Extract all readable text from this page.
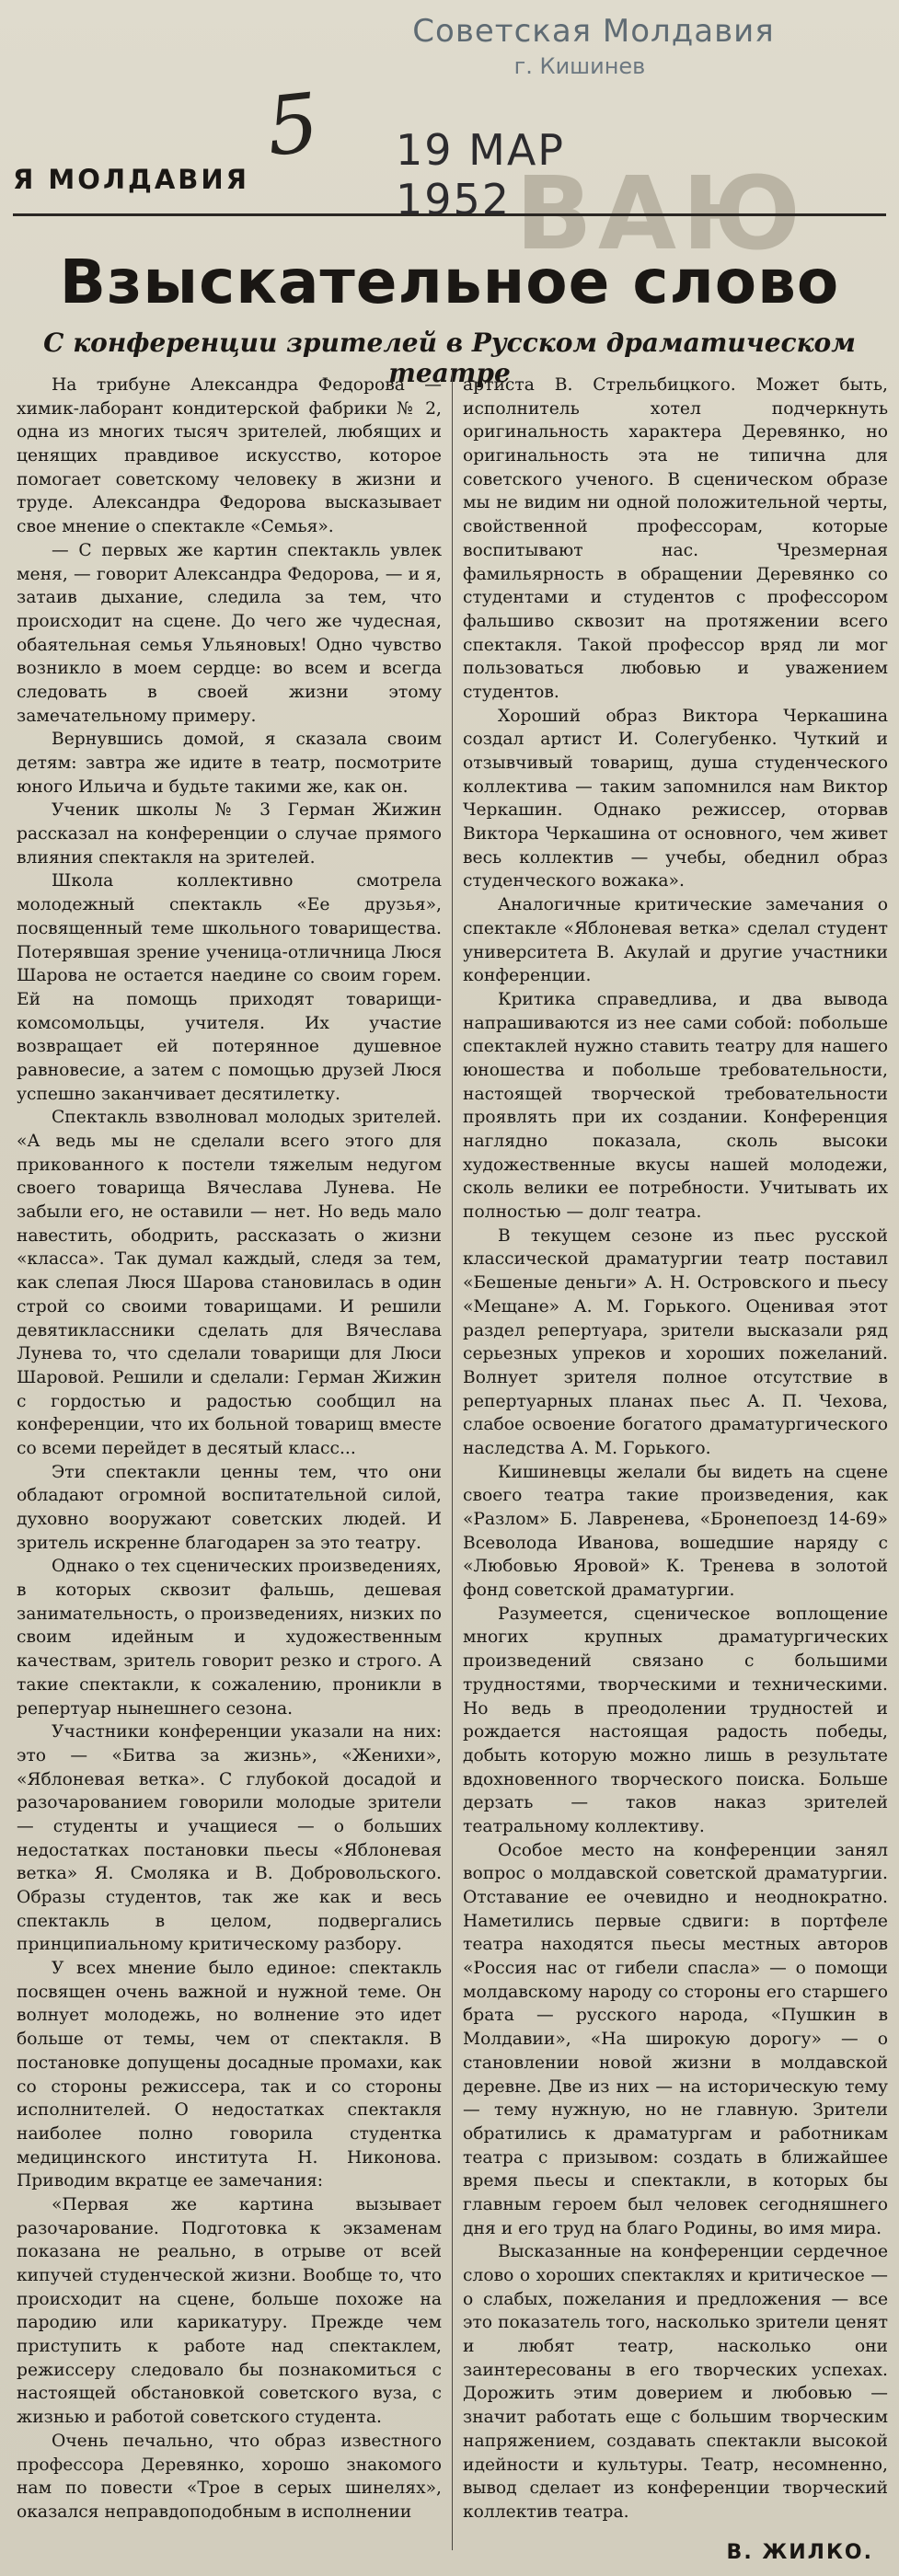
Советская Молдавия
г. Кишинев
5 19 МАР 1952 ВАЮ
Я МОЛДАВИЯ
Взыскательное слово
С конференции зрителей в Русском драматическом театре

На трибуне Александра Федорова — химик-лаборант кондитерской фабрики № 2, одна из многих тысяч зрителей, любящих и ценящих правдивое искусство, которое помогает советскому человеку в жизни и труде. Александра Федорова высказывает свое мнение о спектакле «Семья».

— С первых же картин спектакль увлек меня, — говорит Александра Федорова, — и я, затаив дыхание, следила за тем, что происходит на сцене. До чего же чудесная, обаятельная семья Ульяновых! Одно чувство возникло в моем сердце: во всем и всегда следовать в своей жизни этому замечательному примеру.

Вернувшись домой, я сказала своим детям: завтра же идите в театр, посмотрите юного Ильича и будьте такими же, как он.

Ученик школы № 3 Герман Жижин рассказал на конференции о случае прямого влияния спектакля на зрителей.

Школа коллективно смотрела молодежный спектакль «Ее друзья», посвященный теме школьного товарищества. Потерявшая зрение ученица-отличница Люся Шарова не остается наедине со своим горем. Ей на помощь приходят товарищи-комсомольцы, учителя. Их участие возвращает ей потерянное душевное равновесие, а затем с помощью друзей Люся успешно заканчивает десятилетку.

Спектакль взволновал молодых зрителей. «А ведь мы не сделали всего этого для прикованного к постели тяжелым недугом своего товарища Вячеслава Лунева. Не забыли его, не оставили — нет. Но ведь мало навестить, ободрить, рассказать о жизни «класса». Так думал каждый, следя за тем, как слепая Люся Шарова становилась в один строй со своими товарищами. И решили девятиклассники сделать для Вячеслава Лунева то, что сделали товарищи для Люси Шаровой. Решили и сделали: Герман Жижин с гордостью и радостью сообщил на конференции, что их больной товарищ вместе со всеми перейдет в десятый класс...

Эти спектакли ценны тем, что они обладают огромной воспитательной силой, духовно вооружают советских людей. И зритель искренне благодарен за это театру.

Однако о тех сценических произведениях, в которых сквозит фальшь, дешевая занимательность, о произведениях, низких по своим идейным и художественным качествам, зритель говорит резко и строго. А такие спектакли, к сожалению, проникли в репертуар нынешнего сезона.

Участники конференции указали на них: это — «Битва за жизнь», «Женихи», «Яблоневая ветка». С глубокой досадой и разочарованием говорили молодые зрители — студенты и учащиеся — о больших недостатках постановки пьесы «Яблоневая ветка» Я. Смоляка и В. Добровольского. Образы студентов, так же как и весь спектакль в целом, подвергались принципиальному критическому разбору.

У всех мнение было единое: спектакль посвящен очень важной и нужной теме. Он волнует молодежь, но волнение это идет больше от темы, чем от спектакля. В постановке допущены досадные промахи, как со стороны режиссера, так и со стороны исполнителей. О недостатках спектакля наиболее полно говорила студентка медицинского института Н. Никонова. Приводим вкратце ее замечания:

«Первая же картина вызывает разочарование. Подготовка к экзаменам показана не реально, в отрыве от всей кипучей студенческой жизни. Вообще то, что происходит на сцене, больше похоже на пародию или карикатуру. Прежде чем приступить к работе над спектаклем, режиссеру следовало бы познакомиться с настоящей обстановкой советского вуза, с жизнью и работой советского студента.

Очень печально, что образ известного профессора Деревянко, хорошо знакомого нам по повести «Трое в серых шинелях», оказался неправдоподобным в исполнении

артиста В. Стрельбицкого. Может быть, исполнитель хотел подчеркнуть оригинальность характера Деревянко, но оригинальность эта не типична для советского ученого. В сценическом образе мы не видим ни одной положительной черты, свойственной профессорам, которые воспитывают нас. Чрезмерная фамильярность в обращении Деревянко со студентами и студентов с профессором фальшиво сквозит на протяжении всего спектакля. Такой профессор вряд ли мог пользоваться любовью и уважением студентов.

Хороший образ Виктора Черкашина создал артист И. Солегубенко. Чуткий и отзывчивый товарищ, душа студенческого коллектива — таким запомнился нам Виктор Черкашин. Однако режиссер, оторвав Виктора Черкашина от основного, чем живет весь коллектив — учебы, обеднил образ студенческого вожака».

Аналогичные критические замечания о спектакле «Яблоневая ветка» сделал студент университета В. Акулай и другие участники конференции.

Критика справедлива, и два вывода напрашиваются из нее сами собой: побольше спектаклей нужно ставить театру для нашего юношества и побольше требовательности, настоящей творческой требовательности проявлять при их создании. Конференция наглядно показала, сколь высоки художественные вкусы нашей молодежи, сколь велики ее потребности. Учитывать их полностью — долг театра.

В текущем сезоне из пьес русской классической драматургии театр поставил «Бешеные деньги» А. Н. Островского и пьесу «Мещане» А. М. Горького. Оценивая этот раздел репертуара, зрители высказали ряд серьезных упреков и хороших пожеланий. Волнует зрителя полное отсутствие в репертуарных планах пьес А. П. Чехова, слабое освоение богатого драматургического наследства А. М. Горького.

Кишиневцы желали бы видеть на сцене своего театра такие произведения, как «Разлом» Б. Лавренева, «Бронепоезд 14-69» Всеволода Иванова, вошедшие наряду с «Любовью Яровой» К. Тренева в золотой фонд советской драматургии.

Разумеется, сценическое воплощение многих крупных драматургических произведений связано с большими трудностями, творческими и техническими. Но ведь в преодолении трудностей и рождается настоящая радость победы, добыть которую можно лишь в результате вдохновенного творческого поиска. Больше дерзать — таков наказ зрителей театральному коллективу.

Особое место на конференции занял вопрос о молдавской советской драматургии. Отставание ее очевидно и неоднократно. Наметились первые сдвиги: в портфеле театра находятся пьесы местных авторов «Россия нас от гибели спасла» — о помощи молдавскому народу со стороны его старшего брата — русского народа, «Пушкин в Молдавии», «На широкую дорогу» — о становлении новой жизни в молдавской деревне. Две из них — на историческую тему — тему нужную, но не главную. Зрители обратились к драматургам и работникам театра с призывом: создать в ближайшее время пьесы и спектакли, в которых бы главным героем был человек сегодняшнего дня и его труд на благо Родины, во имя мира.

Высказанные на конференции сердечное слово о хороших спектаклях и критическое — о слабых, пожелания и предложения — все это показатель того, насколько зрители ценят и любят театр, насколько они заинтересованы в его творческих успехах. Дорожить этим доверием и любовью — значит работать еще с большим творческим напряжением, создавать спектакли высокой идейности и культуры. Театр, несомненно, вывод сделает из конференции творческий коллектив театра.

В. ЖИЛКО.
